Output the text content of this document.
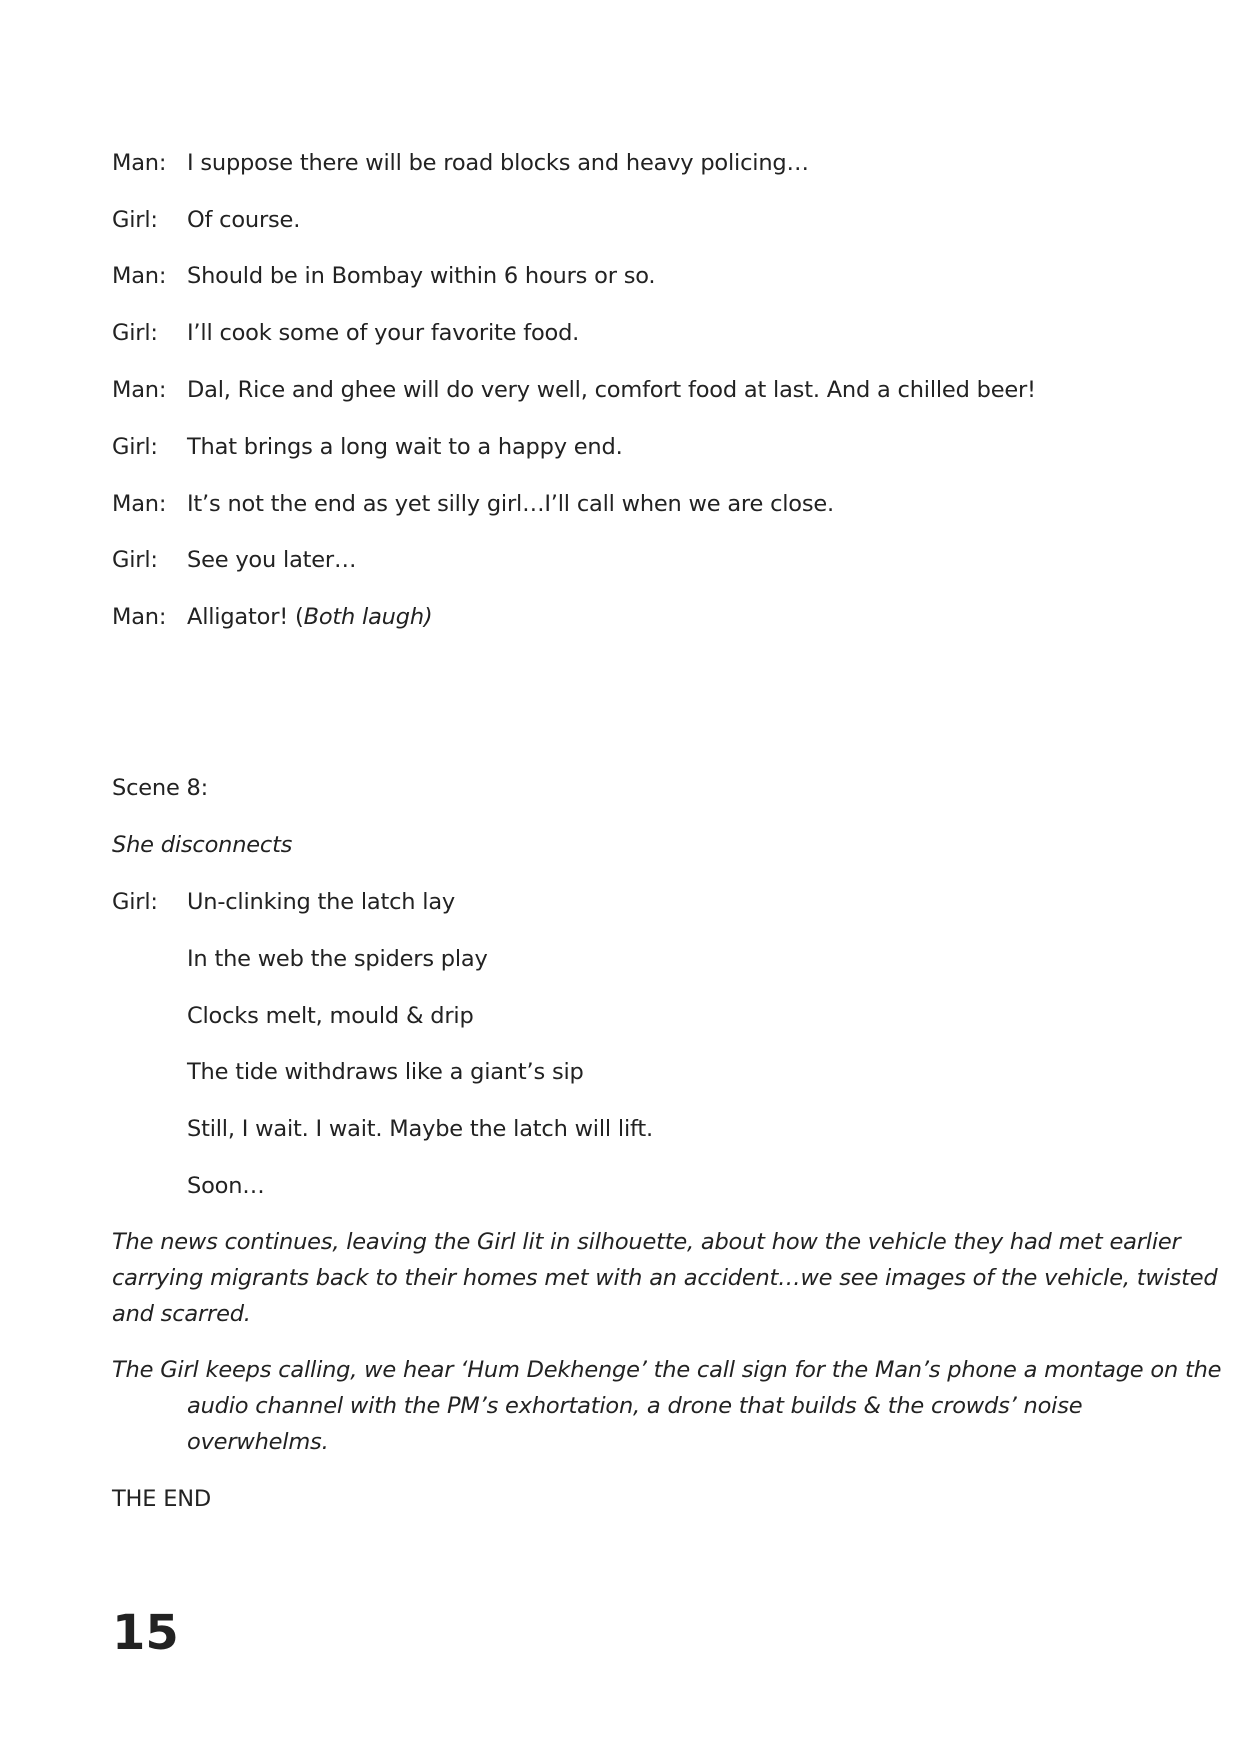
Man: I suppose there will be road blocks and heavy policing…
Girl: Of course.
Man: Should be in Bombay within 6 hours or so.
Girl: I’ll cook some of your favorite food.
Man: Dal, Rice and ghee will do very well, comfort food at last. And a chilled beer!
Girl: That brings a long wait to a happy end.
Man: It’s not the end as yet silly girl…I’ll call when we are close.
Girl: See you later…
Man: Alligator! (Both laugh)
Scene 8:
She disconnects
Girl: Un-clinking the latch lay
In the web the spiders play
Clocks melt, mould & drip
The tide withdraws like a giant’s sip
Still, I wait. I wait. Maybe the latch will lift.
Soon…
The news continues, leaving the Girl lit in silhouette, about how the vehicle they had met earlier
carrying migrants back to their homes met with an accident…we see images of the vehicle, twisted
and scarred.
The Girl keeps calling, we hear ‘Hum Dekhenge’ the call sign for the Man’s phone a montage on the
audio channel with the PM’s exhortation, a drone that builds & the crowds’ noise
overwhelms.
THE END
15
